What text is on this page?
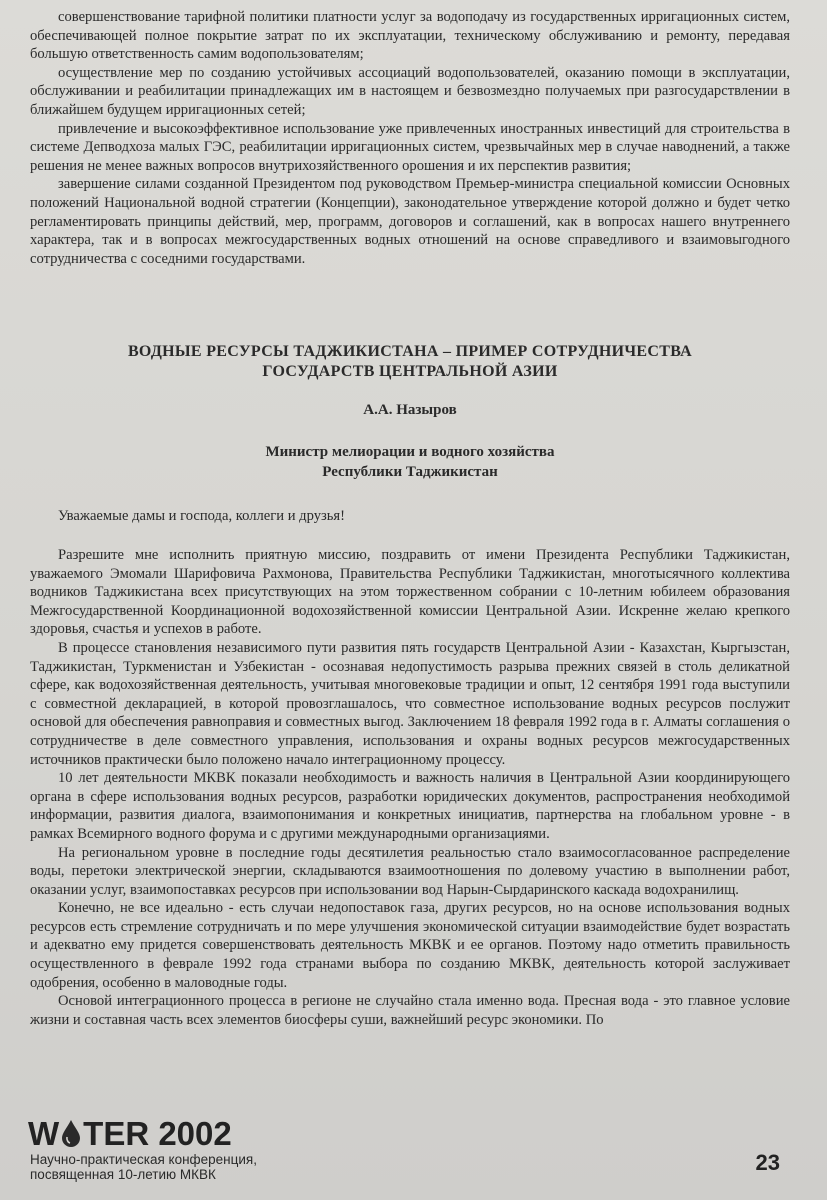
совершенствование тарифной политики платности услуг за водоподачу из государственных ирригационных систем, обеспечивающей полное покрытие затрат по их эксплуатации, техническому обслуживанию и ремонту, передавая большую ответственность самим водопользователям;

осуществление мер по созданию устойчивых ассоциаций водопользователей, оказанию помощи в эксплуатации, обслуживании и реабилитации принадлежащих им в настоящем и безвозмездно получаемых при разгосударствлении в ближайшем будущем ирригационных сетей;

привлечение и высокоэффективное использование уже привлеченных иностранных инвестиций для строительства в системе Депводхоза малых ГЭС, реабилитации ирригационных систем, чрезвычайных мер в случае наводнений, а также решения не менее важных вопросов внутрихозяйственного орошения и их перспектив развития;

завершение силами созданной Президентом под руководством Премьер-министра специальной комиссии Основных положений Национальной водной стратегии (Концепции), законодательное утверждение которой должно и будет четко регламентировать принципы действий, мер, программ, договоров и соглашений, как в вопросах нашего внутреннего характера, так и в вопросах межгосударственных водных отношений на основе справедливого и взаимовыгодного сотрудничества с соседними государствами.

ВОДНЫЕ РЕСУРСЫ ТАДЖИКИСТАНА – ПРИМЕР СОТРУДНИЧЕСТВА
ГОСУДАРСТВ ЦЕНТРАЛЬНОЙ АЗИИ
А.А. Назыров
Министр мелиорации и водного хозяйства
Республики Таджикистан
Уважаемые дамы и господа, коллеги и друзья!

Разрешите мне исполнить приятную миссию, поздравить от имени Президента Республики Таджикистан, уважаемого Эмомали Шарифовича Рахмонова, Правительства Республики Таджикистан, многотысячного коллектива водников Таджикистана всех присутствующих на этом торжественном собрании с 10-летним юбилеем образования Межгосударственной Координационной водохозяйственной комиссии Центральной Азии. Искренне желаю крепкого здоровья, счастья и успехов в работе.

В процессе становления независимого пути развития пять государств Центральной Азии - Казахстан, Кыргызстан, Таджикистан, Туркменистан и Узбекистан - осознавая недопустимость разрыва прежних связей в столь деликатной сфере, как водохозяйственная деятельность, учитывая многовековые традиции и опыт, 12 сентября 1991 года выступили с совместной декларацией, в которой провозглашалось, что совместное использование водных ресурсов послужит основой для обеспечения равноправия и совместных выгод. Заключением 18 февраля 1992 года в г. Алматы соглашения о сотрудничестве в деле совместного управления, использования и охраны водных ресурсов межгосударственных источников практически было положено начало интеграционному процессу.

10 лет деятельности МКВК показали необходимость и важность наличия в Центральной Азии координирующего органа в сфере использования водных ресурсов, разработки юридических документов, распространения необходимой информации, развития диалога, взаимопонимания и конкретных инициатив, партнерства на глобальном уровне - в рамках Всемирного водного форума и с другими международными организациями.

На региональном уровне в последние годы десятилетия реальностью стало взаимосогласованное распределение воды, перетоки электрической энергии, складываются взаимоотношения по долевому участию в выполнении работ, оказании услуг, взаимопоставках ресурсов при использовании вод Нарын-Сырдаринского каскада водохранилищ.

Конечно, не все идеально - есть случаи недопоставок газа, других ресурсов, но на основе использования водных ресурсов есть стремление сотрудничать и по мере улучшения экономической ситуации взаимодействие будет возрастать и адекватно ему придется совершенствовать деятельность МКВК и ее органов. Поэтому надо отметить правильность осуществленного в феврале 1992 года странами выбора по созданию МКВК, деятельность которой заслуживает одобрения, особенно в маловодные годы.

Основой интеграционного процесса в регионе не случайно стала именно вода. Пресная вода - это главное условие жизни и составная часть всех элементов биосферы суши, важнейший ресурс экономики. По

W TER 2002
Научно-практическая конференция,
посвященная 10-летию МКВК	23
